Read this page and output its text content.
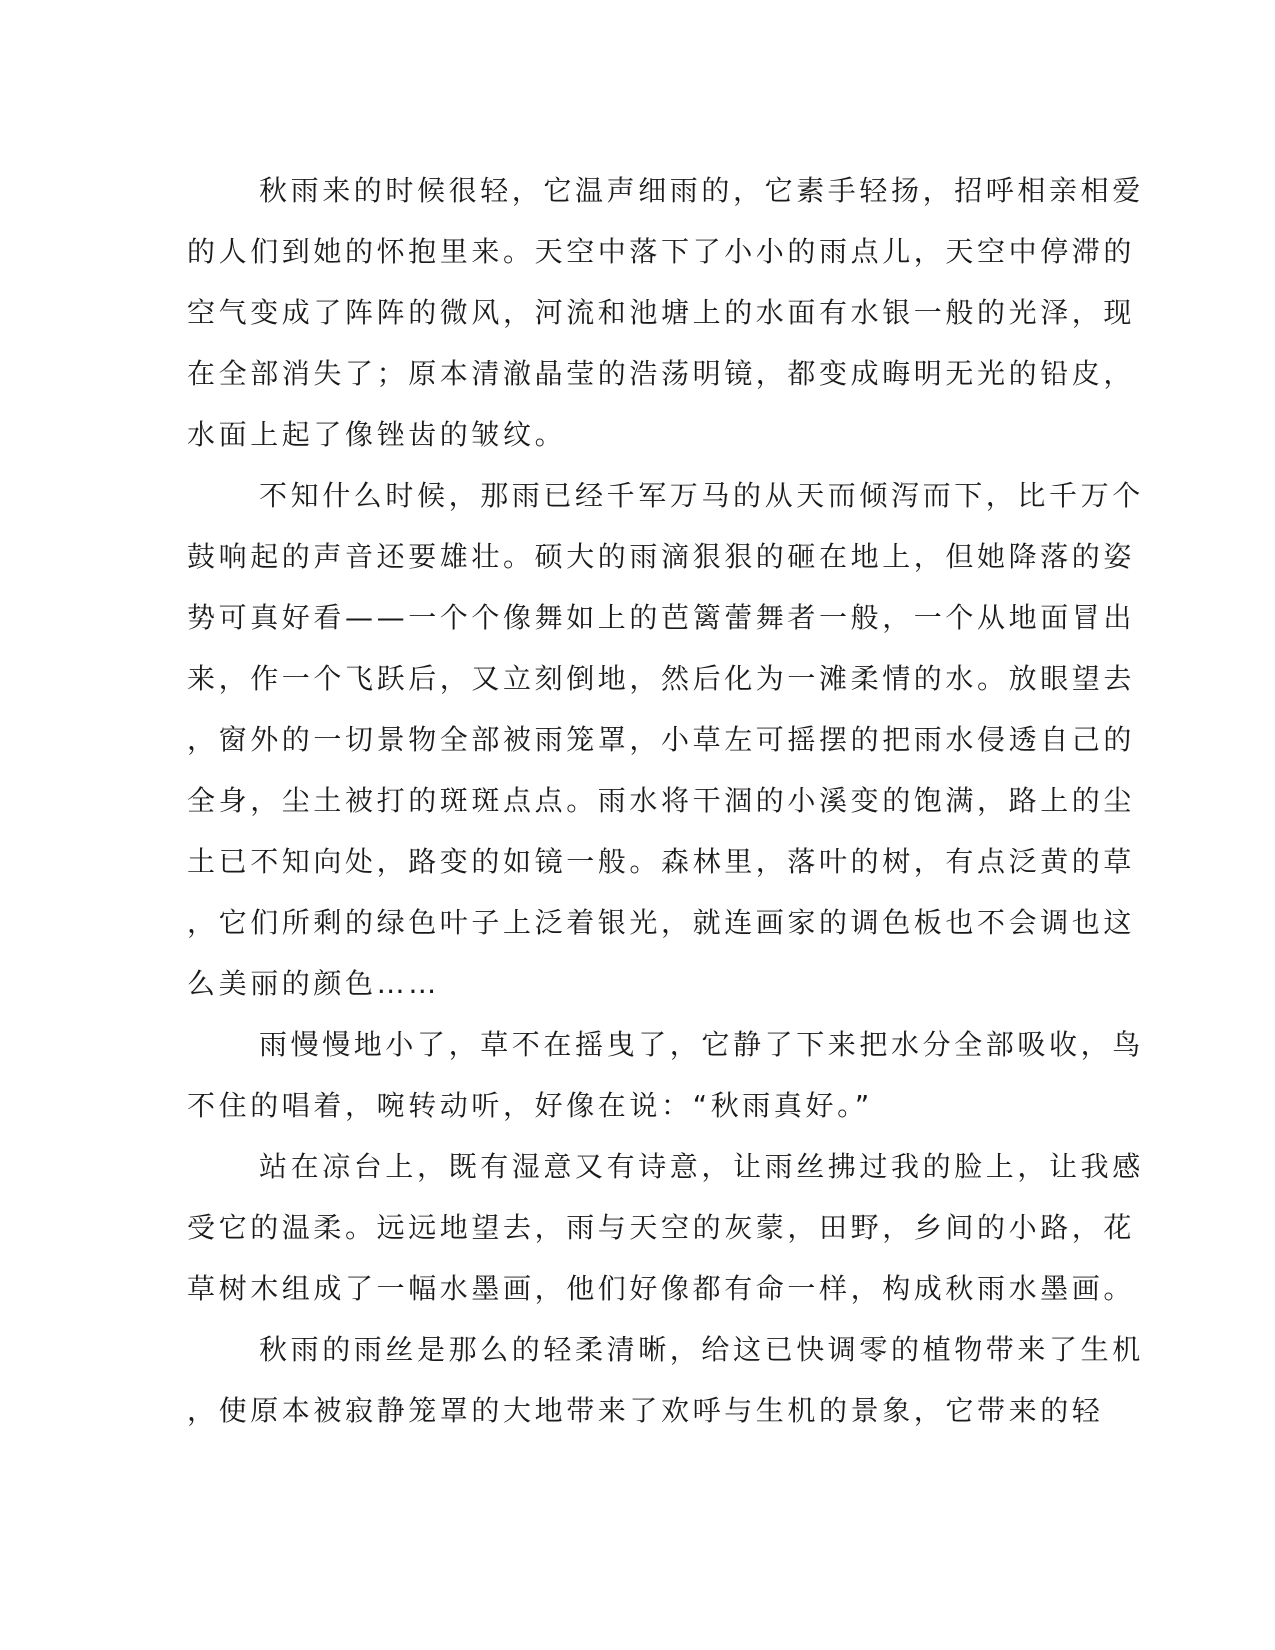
秋雨来的时候很轻，它温声细雨的，它素手轻扬，招呼相亲相爱
的人们到她的怀抱里来。天空中落下了小小的雨点儿，天空中停滞的
空气变成了阵阵的微风，河流和池塘上的水面有水银一般的光泽，现
在全部消失了；原本清澈晶莹的浩荡明镜，都变成晦明无光的铅皮，
水面上起了像锉齿的皱纹。
不知什么时候，那雨已经千军万马的从天而倾泻而下，比千万个
鼓响起的声音还要雄壮。硕大的雨滴狠狠的砸在地上，但她降落的姿
势可真好看——一个个像舞如上的芭篱蕾舞者一般，一个从地面冒出
来，作一个飞跃后，又立刻倒地，然后化为一滩柔情的水。放眼望去
，窗外的一切景物全部被雨笼罩，小草左可摇摆的把雨水侵透自己的
全身，尘土被打的斑斑点点。雨水将干涸的小溪变的饱满，路上的尘
土已不知向处，路变的如镜一般。森林里，落叶的树，有点泛黄的草
，它们所剩的绿色叶子上泛着银光，就连画家的调色板也不会调也这
么美丽的颜色……
雨慢慢地小了，草不在摇曳了，它静了下来把水分全部吸收，鸟
不住的唱着，啘转动听，好像在说：“秋雨真好。”
站在凉台上，既有湿意又有诗意，让雨丝拂过我的脸上，让我感
受它的温柔。远远地望去，雨与天空的灰蒙，田野，乡间的小路，花
草树木组成了一幅水墨画，他们好像都有命一样，构成秋雨水墨画。
秋雨的雨丝是那么的轻柔清晰，给这已快调零的植物带来了生机
，使原本被寂静笼罩的大地带来了欢呼与生机的景象，它带来的轻
